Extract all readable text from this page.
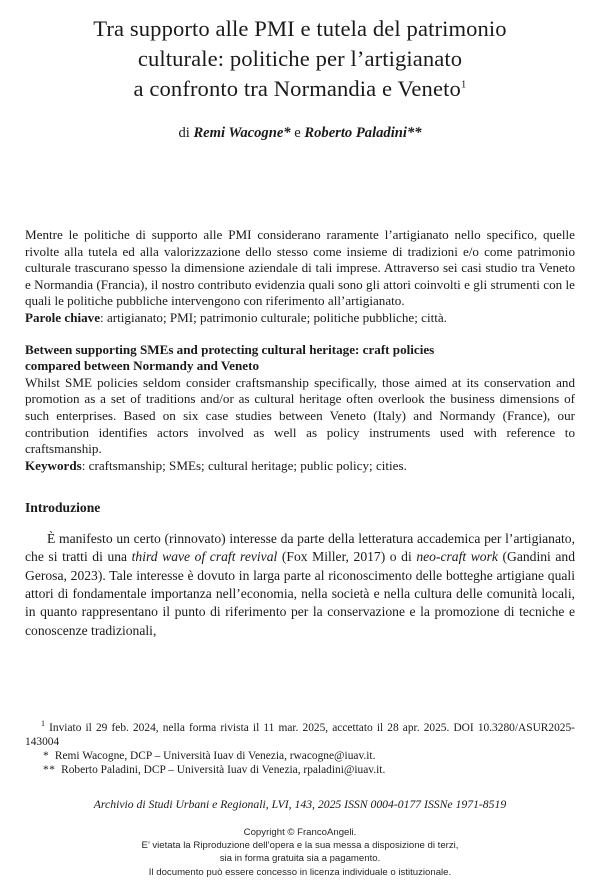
Tra supporto alle PMI e tutela del patrimonio
culturale: politiche per l’artigianato
a confronto tra Normandia e Veneto$^1$
di Remi Wacogne* e Roberto Paladini**
Mentre le politiche di supporto alle PMI considerano raramente l’artigianato nello specifico, quelle rivolte alla tutela ed alla valorizzazione dello stesso come insieme di tradizioni e/o come patrimonio culturale trascurano spesso la dimensione aziendale di tali imprese. Attraverso sei casi studio tra Veneto e Normandia (Francia), il nostro contributo evidenzia quali sono gli attori coinvolti e gli strumenti con le quali le politiche pubbliche intervengono con riferimento all’artigianato.
Parole chiave: artigianato; PMI; patrimonio culturale; politiche pubbliche; città.
Between supporting SMEs and protecting cultural heritage: craft policies
compared between Normandy and Veneto
Whilst SME policies seldom consider craftsmanship specifically, those aimed at its conservation and promotion as a set of traditions and/or as cultural heritage often overlook the business dimensions of such enterprises. Based on six case studies between Veneto (Italy) and Normandy (France), our contribution identifies actors involved as well as policy instruments used with reference to craftsmanship.
Keywords: craftsmanship; SMEs; cultural heritage; public policy; cities.
Introduzione
È manifesto un certo (rinnovato) interesse da parte della letteratura accademica per l’artigianato, che si tratti di una third wave of craft revival (Fox Miller, 2017) o di neo-craft work (Gandini and Gerosa, 2023). Tale interesse è dovuto in larga parte al riconoscimento delle botteghe artigiane quali attori di fondamentale importanza nell’economia, nella società e nella cultura delle comunità locali, in quanto rappresentano il punto di riferimento per la conservazione e la promozione di tecniche e conoscenze tradizionali,
$^1$ Inviato il 29 feb. 2024, nella forma rivista il 11 mar. 2025, accettato il 28 apr. 2025. DOI 10.3280/ASUR2025-143004
* Remi Wacogne, DCP – Università Iuav di Venezia, rwacogne@iuav.it.
** Roberto Paladini, DCP – Università Iuav di Venezia, rpaladini@iuav.it.
Archivio di Studi Urbani e Regionali, LVI, 143, 2025 ISSN 0004-0177 ISSNe 1971-8519
Copyright © FrancoAngeli.
E’ vietata la Riproduzione dell’opera e la sua messa a disposizione di terzi,
sia in forma gratuita sia a pagamento.
Il documento può essere concesso in licenza individuale o istituzionale.
